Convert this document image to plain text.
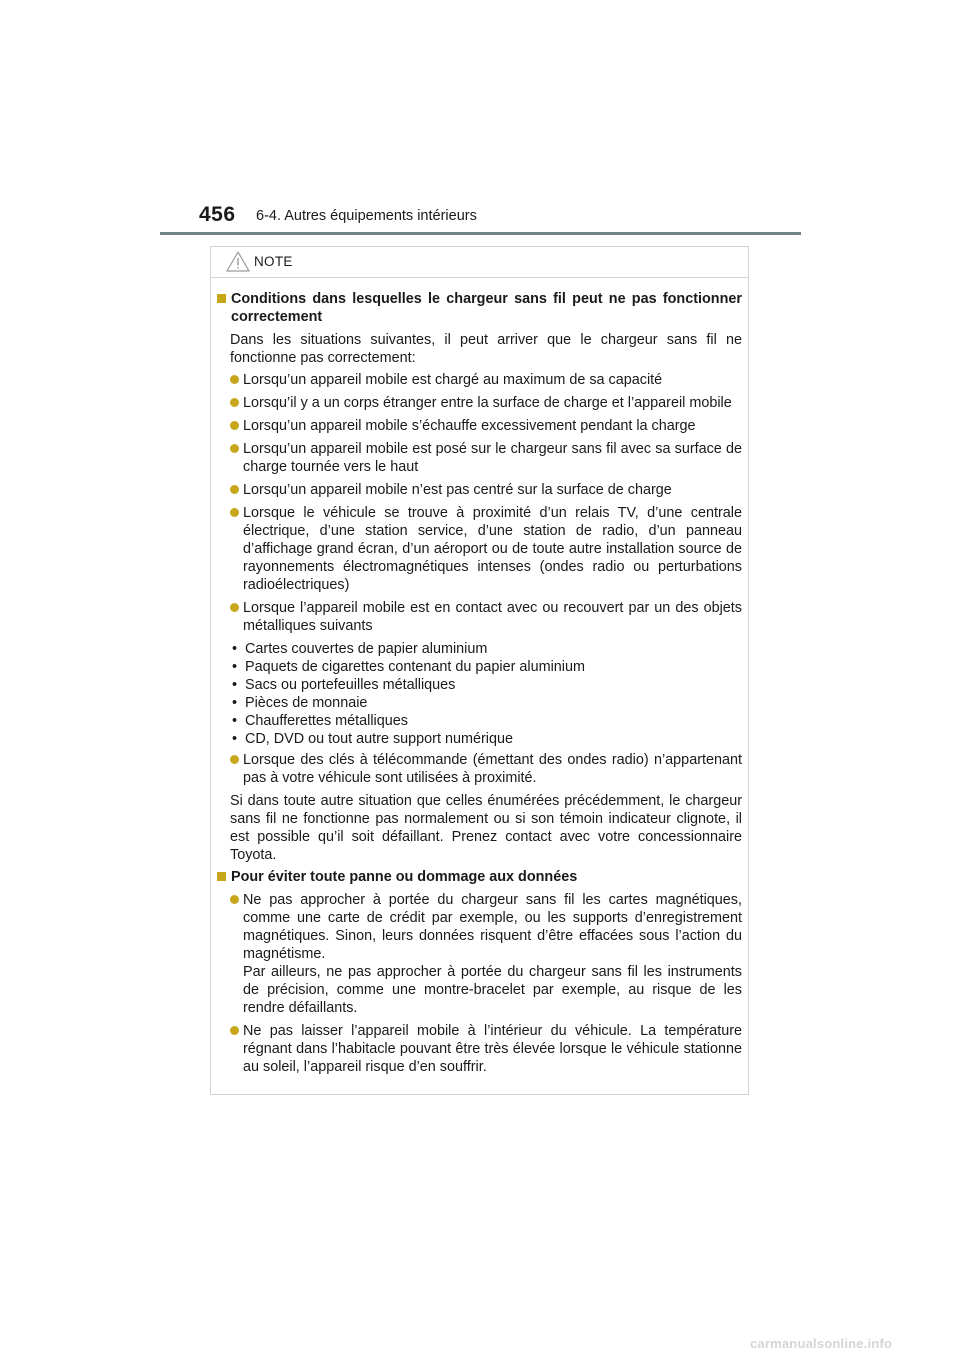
456 6-4. Autres équipements intérieurs
NOTE
Conditions dans lesquelles le chargeur sans fil peut ne pas fonctionner correctement
Dans les situations suivantes, il peut arriver que le chargeur sans fil ne fonctionne pas correctement:
Lorsqu’un appareil mobile est chargé au maximum de sa capacité
Lorsqu’il y a un corps étranger entre la surface de charge et l’appareil mobile
Lorsqu’un appareil mobile s’échauffe excessivement pendant la charge
Lorsqu’un appareil mobile est posé sur le chargeur sans fil avec sa surface de charge tournée vers le haut
Lorsqu’un appareil mobile n’est pas centré sur la surface de charge
Lorsque le véhicule se trouve à proximité d’un relais TV, d’une centrale électrique, d’une station service, d’une station de radio, d’un panneau d’affichage grand écran, d’un aéroport ou de toute autre installation source de rayonnements électromagnétiques intenses (ondes radio ou perturbations radioélectriques)
Lorsque l’appareil mobile est en contact avec ou recouvert par un des objets métalliques suivants
• Cartes couvertes de papier aluminium
• Paquets de cigarettes contenant du papier aluminium
• Sacs ou portefeuilles métalliques
• Pièces de monnaie
• Chaufferettes métalliques
• CD, DVD ou tout autre support numérique
Lorsque des clés à télécommande (émettant des ondes radio) n’appartenant pas à votre véhicule sont utilisées à proximité.
Si dans toute autre situation que celles énumérées précédemment, le chargeur sans fil ne fonctionne pas normalement ou si son témoin indicateur clignote, il est possible qu’il soit défaillant. Prenez contact avec votre concessionnaire Toyota.
Pour éviter toute panne ou dommage aux données
Ne pas approcher à portée du chargeur sans fil les cartes magnétiques, comme une carte de crédit par exemple, ou les supports d’enregistrement magnétiques. Sinon, leurs données risquent d’être effacées sous l’action du magnétisme.
Par ailleurs, ne pas approcher à portée du chargeur sans fil les instruments de précision, comme une montre-bracelet par exemple, au risque de les rendre défaillants.
Ne pas laisser l’appareil mobile à l’intérieur du véhicule. La température régnant dans l’habitacle pouvant être très élevée lorsque le véhicule stationne au soleil, l’appareil risque d’en souffrir.
carmanualsonline.info
